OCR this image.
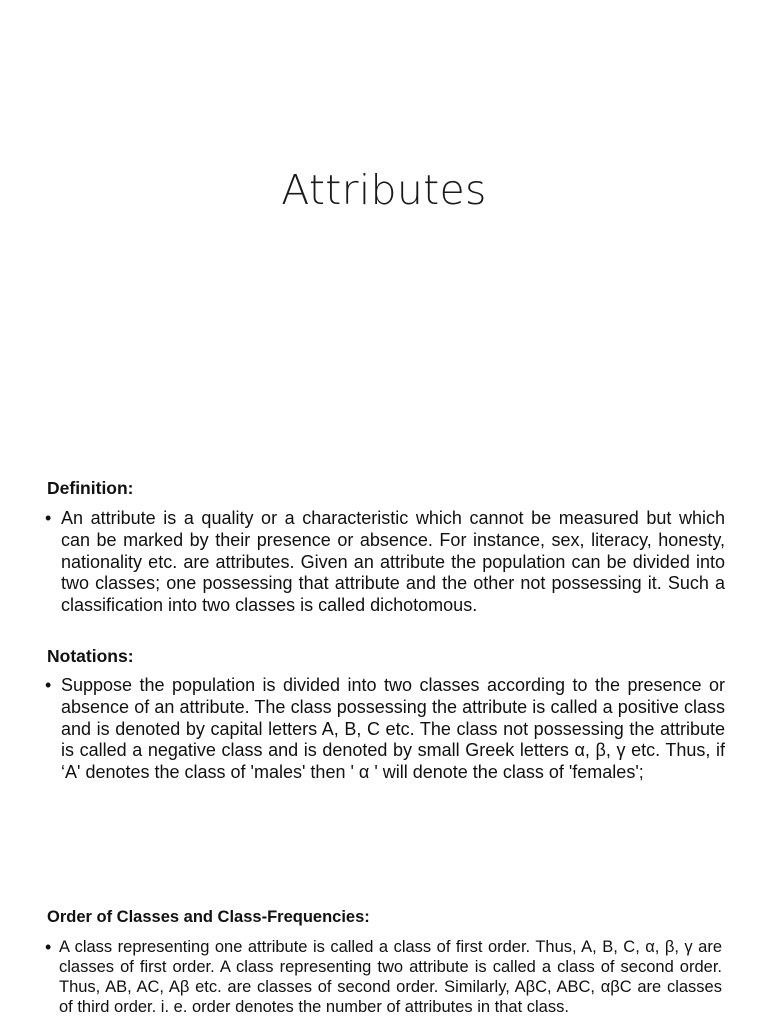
Attributes

Definition:

• An attribute is a quality or a characteristic which cannot be measured but which can be marked by their presence or absence. For instance, sex, literacy, honesty, nationality etc. are attributes. Given an attribute the population can be divided into two classes; one possessing that attribute and the other not possessing it. Such a classification into two classes is called dichotomous.

Notations:

• Suppose the population is divided into two classes according to the presence or absence of an attribute. The class possessing the attribute is called a positive class and is denoted by capital letters A, B, C etc. The class not possessing the attribute is called a negative class and is denoted by small Greek letters α, β, γ etc. Thus, if ‘A' denotes the class of 'males' then ' α ' will denote the class of 'females';

Order of Classes and Class-Frequencies:

• A class representing one attribute is called a class of first order. Thus, A, B, C, α, β, γ are classes of first order. A class representing two attribute is called a class of second order. Thus, AB, AC, Aβ etc. are classes of second order. Similarly, AβC, ABC, αβC are classes of third order. i. e. order denotes the number of attributes in that class.
